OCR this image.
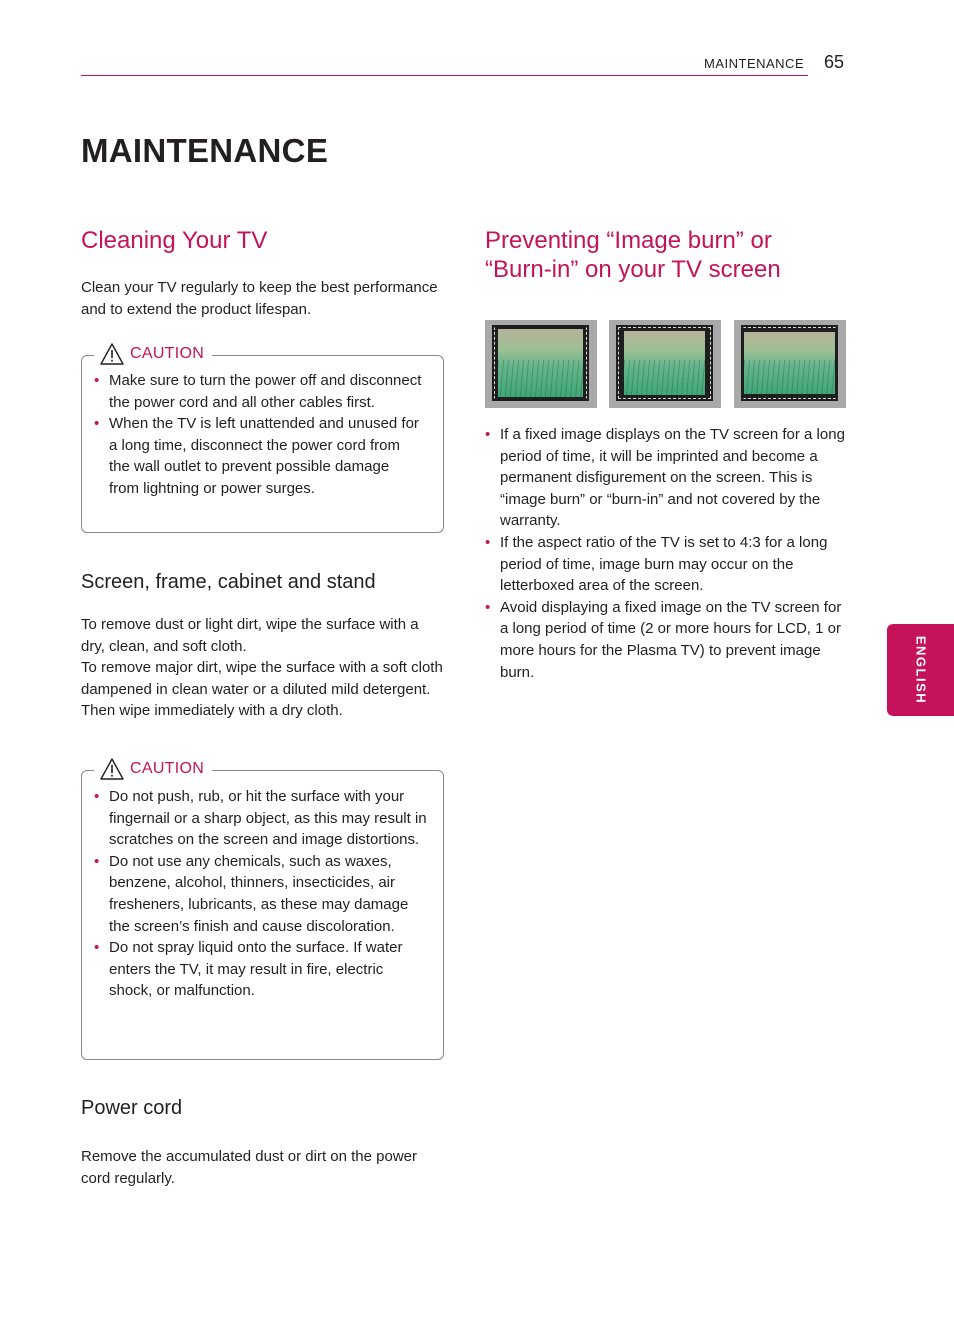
MAINTENANCE 65
MAINTENANCE
Cleaning Your TV

Clean your TV regularly to keep the best performance and to extend the product lifespan.

CAUTION
• Make sure to turn the power off and disconnect the power cord and all other cables first.
• When the TV is left unattended and unused for a long time, disconnect the power cord from the wall outlet to prevent possible damage from lightning or power surges.
Screen, frame, cabinet and stand

To remove dust or light dirt, wipe the surface with a dry, clean, and soft cloth.

To remove major dirt, wipe the surface with a soft cloth dampened in clean water or a diluted mild detergent. Then wipe immediately with a dry cloth.

CAUTION
• Do not push, rub, or hit the surface with your fingernail or a sharp object, as this may result in scratches on the screen and image distortions.
• Do not use any chemicals, such as waxes, benzene, alcohol, thinners, insecticides, air fresheners, lubricants, as these may damage the screen’s finish and cause discoloration.
• Do not spray liquid onto the surface. If water enters the TV, it may result in fire, electric shock, or malfunction.
Power cord

Remove the accumulated dust or dirt on the power cord regularly.

Preventing “Image burn” or
“Burn-in” on your TV screen
• If a fixed image displays on the TV screen for a long period of time, it will be imprinted and become a permanent disfigurement on the screen. This is “image burn” or “burn-in” and not covered by the warranty.
• If the aspect ratio of the TV is set to 4:3 for a long period of time, image burn may occur on the letterboxed area of the screen.
• Avoid displaying a fixed image on the TV screen for a long period of time (2 or more hours for LCD, 1 or more hours for the Plasma TV) to prevent image burn.	ENGLISH
